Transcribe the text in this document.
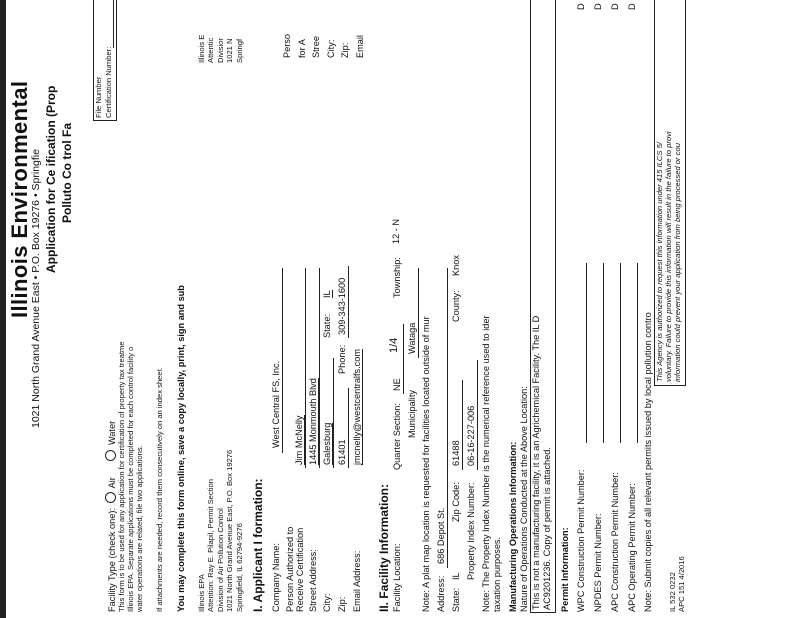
Illinois Environmental
1021 North Grand Avenue East • P.O. Box 19276 • Springfie Application for Ce ification (Prop Polluto Co trol Fa
File Number Certification Number:
Facility Type (check one):  Air  Water This form is to be used for any application for certification of property tax treatme Illinois EPA. Separate applications must be completed for each control facility o water operations are related, file two applications. If attachments are needed, record them consecutively on an index sheet. You may complete this form online, save a copy locally, print, sign and sub Illinois EPA Attention: Ray E. Pilapil, Permit Section Division of Air Pollution Control 1021 North Grand Avenue East, P.O. Box 19276 Springfield, IL 62794-9276
Illinois E Attentic Divisior 1021 N Springf
I. Applicant I formation: Company Name:
West Central FS, Inc.
Person Authorized to Receive Certification
Jim McNelly
Street Address:
1445 Monmouth Blvd
City:
Galesburg
State:
IL
Zip:
61401
Phone:
309-343-1600
Email Address:
jmcnelly@westcentralfs.com
Perso for A Stree City: Zip: Email
II. Facility Information: Facility Location:
Quarter Section:
NE
1/4
Township:
12 - N
Municipality
Wataga Note: A plat map location is requested for facilities located outside of mur Address:
686 Depot St.
State:
IL
Zip Code:
61488
County:
Knox
Property Index Number:
06-16-227-006 Note: The Property Index Number is the numerical reference used to ider taxation purposes. Manufacturing Operations Information: Nature of Operations Conducted at the Above Location: This is not a manufacturing facility, it is an Agrichemical Facility. The IL D AC9201236. Copy of permit is attached. Permit Information: WPC Construction Permit Number:
D
NPDES Permit Number:
D
APC Construction Permit Number:
D
APC Operating Permit Number:
D
Note: Submit copies of all relevant permits issued by local pollution contro
This Agency is authorized to request this information under 415 ILCS 5/ voluntary. Failure to provide this information will result in the failure to provi information could prevent your application from being processed or cou
IL 532 0232 APC 151 4/2016
